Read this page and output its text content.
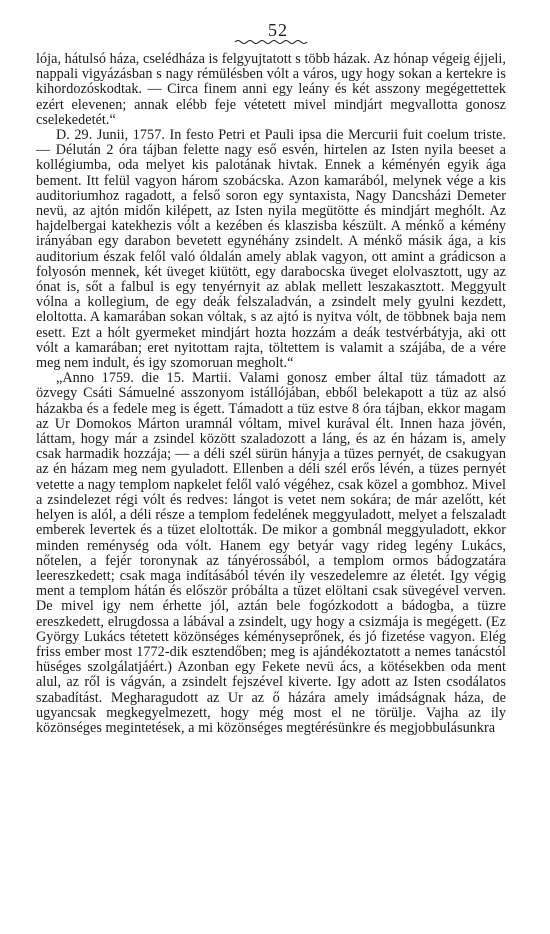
52

lója, hátulsó háza, cselédháza is felgyujtatott s több házak. Az hónap végeig éjjeli, nappali vigyázásban s nagy rémülésben vólt a város, ugy hogy sokan a kertekre is kihordozóskodtak. — Circa finem anni egy leány és két asszony megégettettek ezért elevenen; annak elébb feje vétetett mivel mindjárt megvallotta gonosz cselekedetét.“

D. 29. Junii, 1757. In festo Petri et Pauli ipsa die Mercurii fuit coelum triste. — Délután 2 óra tájban felette nagy eső esvén, hirtelen az Isten nyila beeset a kollégiumba, oda melyet kis palotának hivtak. Ennek a kéményén egyik ága bement. Itt felül vagyon három szobácska. Azon kamarából, melynek vége a kis auditoriumhoz ragadott, a felső soron egy syntaxista, Nagy Dancsházi Demeter nevü, az ajtón midőn kilépett, az Isten nyila megütötte és mindjárt meghólt. Az hajdelbergai katekhezis vólt a kezében és klaszisba készült. A ménkő a kémény irányában egy darabon bevetett egynéhány zsindelt. A ménkő másik ága, a kis auditorium észak felől való óldalán amely ablak vagyon, ott amint a grádicson a folyosón mennek, két üveget kiütött, egy darabocska üveget elolvasztott, ugy az ónat is, sőt a falbul is egy tenyérnyit az ablak mellett leszakasztott. Meggyult vólna a kollegium, de egy deák felszaladván, a zsindelt mely gyulni kezdett, eloltotta. A kamarában sokan vóltak, s az ajtó is nyitva vólt, de többnek baja nem esett. Ezt a hólt gyermeket mindjárt hozta hozzám a deák testvérbátyja, aki ott vólt a kamarában; eret nyitottam rajta, töltettem is valamit a szájába, de a vére meg nem indult, és igy szomoruan megholt.“

„Anno 1759. die 15. Martii. Valami gonosz ember által tüz támadott az özvegy Csáti Sámuelné asszonyom istállójában, ebből belekapott a tüz az alsó házakba és a fedele meg is égett. Támadott a tüz estve 8 óra tájban, ekkor magam az Ur Domokos Márton uramnál vóltam, mivel kurával élt. Innen haza jövén, láttam, hogy már a zsindel között szaladozott a láng, és az én házam is, amely csak harmadik hozzája; — a déli szél sürün hányja a tüzes pernyét, de csakugyan az én házam meg nem gyuladott. Ellenben a déli szél erős lévén, a tüzes pernyét vetette a nagy templom napkelet felől való végéhez, csak közel a gombhoz. Mivel a zsindelezet régi vólt és redves: lángot is vetet nem sokára; de már azelőtt, két helyen is alól, a déli része a templom fedelének meggyuladott, melyet a felszaladt emberek levertek és a tüzet eloltották. De mikor a gombnál meggyuladott, ekkor minden reménység oda vólt. Hanem egy betyár vagy rideg legény Lukács, nőtelen, a fejér toronynak az tányérossából, a templom ormos bádogzatára leereszkedett; csak maga indításából tévén ily veszedelemre az életét. Igy végig ment a templom hátán és először próbálta a tüzet elöltani csak süvegével verven. De mivel igy nem érhette jól, aztán bele fogózkodott a bádogba, a tüzre ereszkedett, elrugdossa a lábával a zsindelt, ugy hogy a csizmája is megégett. (Ez György Lukács tétetett közönséges kéményseprőnek, és jó fizetése vagyon. Elég friss ember most 1772-dik esztendőben; meg is ajándékoztatott a nemes tanácstól hüséges szolgálatjáért.) Azonban egy Fekete nevü ács, a kötésekben oda ment alul, az ről is vágván, a zsindelt fejszével kiverte. Igy adott az Isten csodálatos szabadítást. Megharagudott az Ur az ő házára amely imádságnak háza, de ugyancsak megkegyelmezett, hogy még most el ne törülje. Vajha az ily közönséges megintetések, a mi közönséges megtérésünkre és megjobbulásunkra
